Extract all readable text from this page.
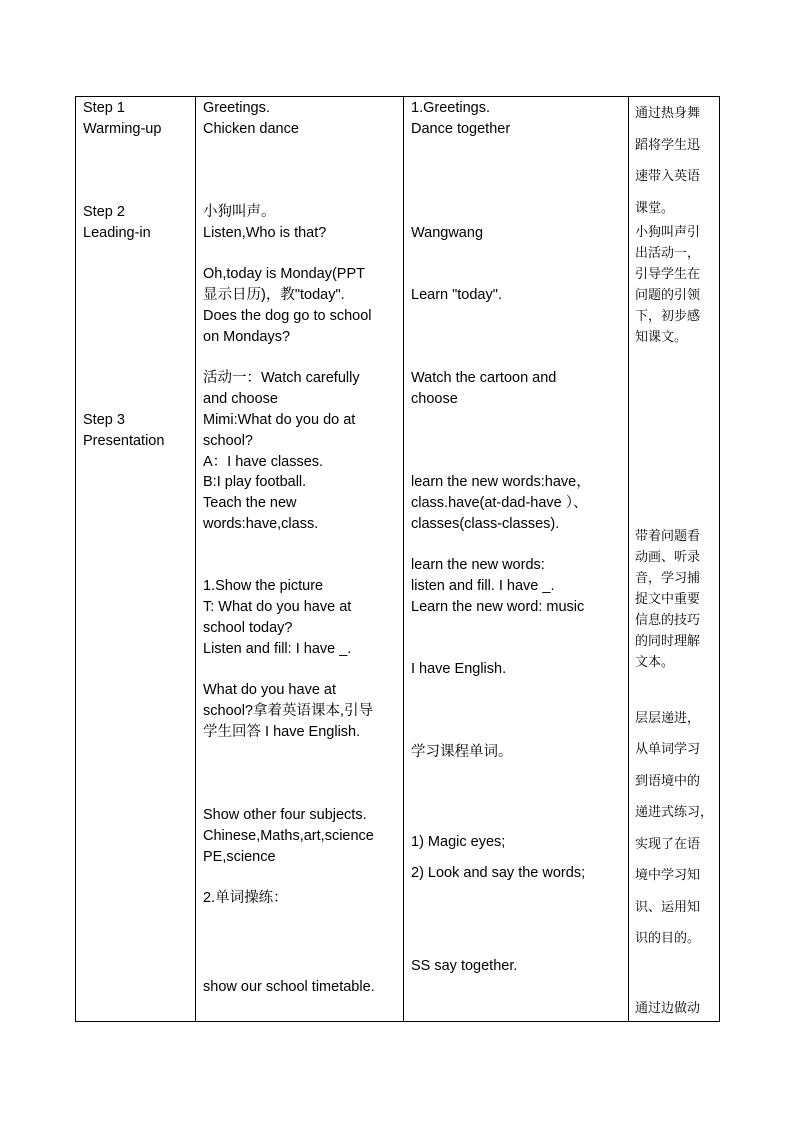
Step 1
Warming-up
Step 2
Leading-in
Step 3
Presentation
Greetings.
Chicken dance
小狗叫声。
Listen,Who is that?
Oh,today is Monday(PPT
显示日历)，教"today".
Does the dog go to school
on Mondays?
活动一：Watch carefully
and choose
Mimi:What do you do at
school?
A：I have classes.
B:I play football.
Teach the new
words:have,class.
1.Show the picture
T: What do you have at
school today?
Listen and fill: I have _.
What do you have at
school?拿着英语课本,引导
学生回答 I have English.
Show other four subjects.
Chinese,Maths,art,science
PE,science
2.单词操练：
show our school timetable.
1.Greetings.
Dance together
Wangwang
Learn "today".
Watch the cartoon and
choose
learn the new words:have，
class.have(at-dad-have ）、
classes(class-classes).
learn the new words:
listen and fill. I have _.
Learn the new word: music
I have English.
学习课程单词。
1) Magic eyes;
2) Look and say the words;
SS say together.
通过热身舞
蹈将学生迅
速带入英语
课堂。
小狗叫声引
出活动一，
引导学生在
问题的引领
下，初步感
知课文。
带着问题看
动画、听录
音，学习捕
捉文中重要
信息的技巧
的同时理解
文本。
层层递进，
从单词学习
到语境中的
递进式练习，
实现了在语
境中学习知
识、运用知
识的目的。
通过边做动
